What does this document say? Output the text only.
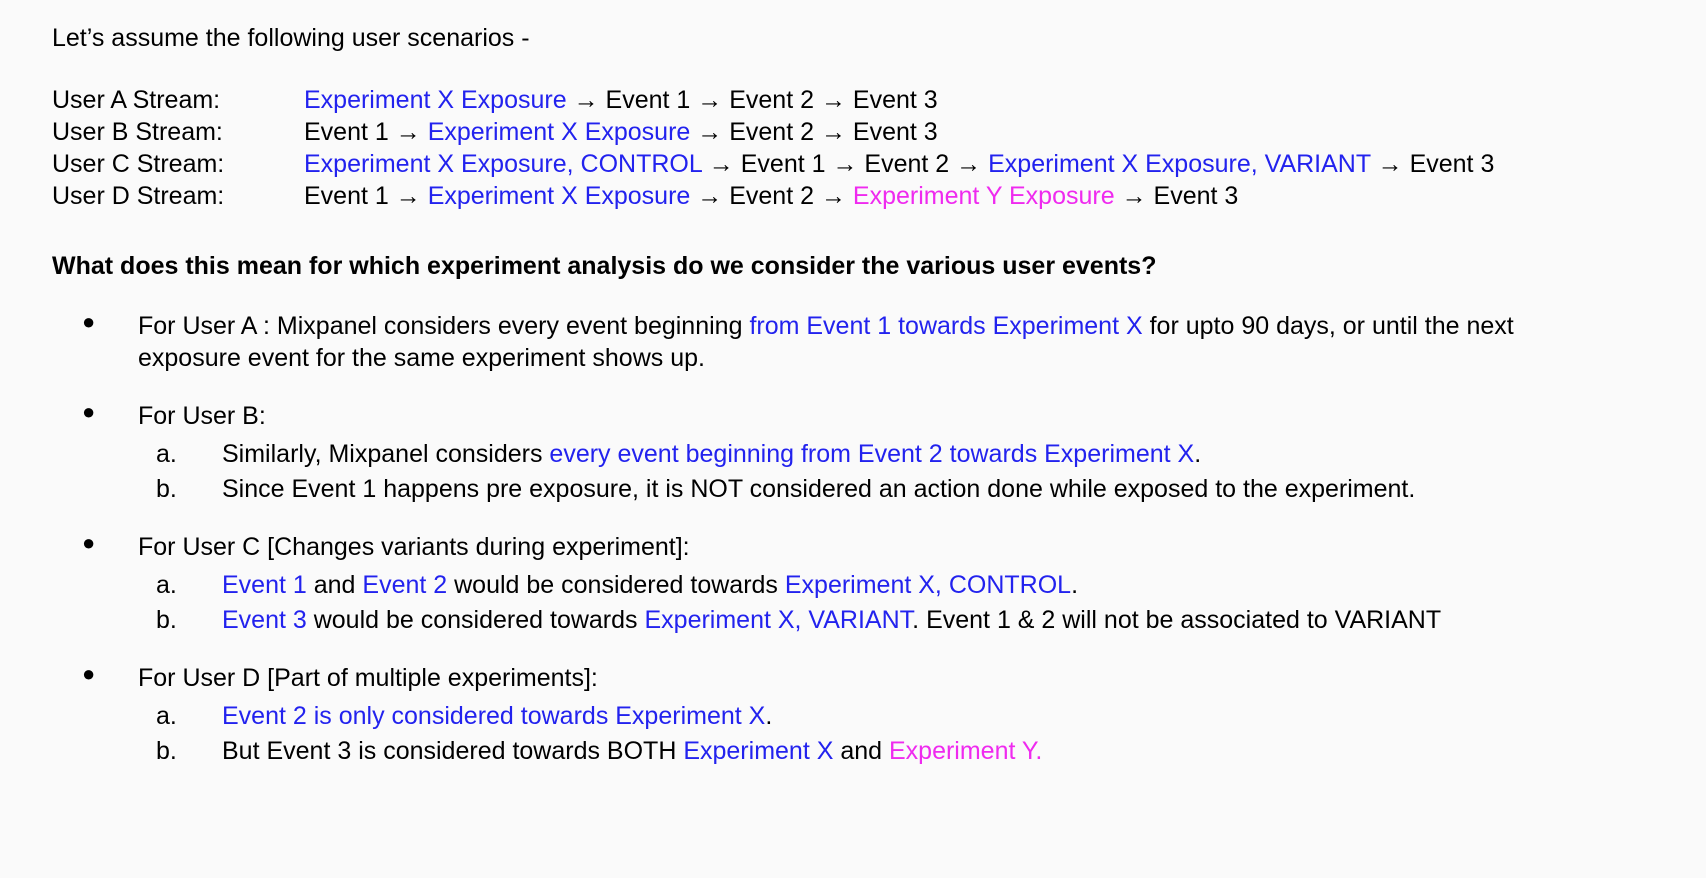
Let’s assume the following user scenarios -
User A Stream:	Experiment X Exposure → Event 1 → Event 2 → Event 3
User B Stream:	Event 1 → Experiment X Exposure → Event 2 → Event 3
User C Stream:	Experiment X Exposure, CONTROL → Event 1 → Event 2 → Experiment X Exposure, VARIANT → Event 3
User D Stream:	Event 1 → Experiment X Exposure → Event 2 → Experiment Y Exposure → Event 3
What does this mean for which experiment analysis do we consider the various user events?
● For User A : Mixpanel considers every event beginning from Event 1 towards Experiment X for upto 90 days, or until the next exposure event for the same experiment shows up.
● For User B:
a. Similarly, Mixpanel considers every event beginning from Event 2 towards Experiment X.
b. Since Event 1 happens pre exposure, it is NOT considered an action done while exposed to the experiment.
● For User C [Changes variants during experiment]:
a. Event 1 and Event 2 would be considered towards Experiment X, CONTROL.
b. Event 3 would be considered towards Experiment X, VARIANT. Event 1 & 2 will not be associated to VARIANT
● For User D [Part of multiple experiments]:
a. Event 2 is only considered towards Experiment X.
b. But Event 3 is considered towards BOTH Experiment X and Experiment Y.
